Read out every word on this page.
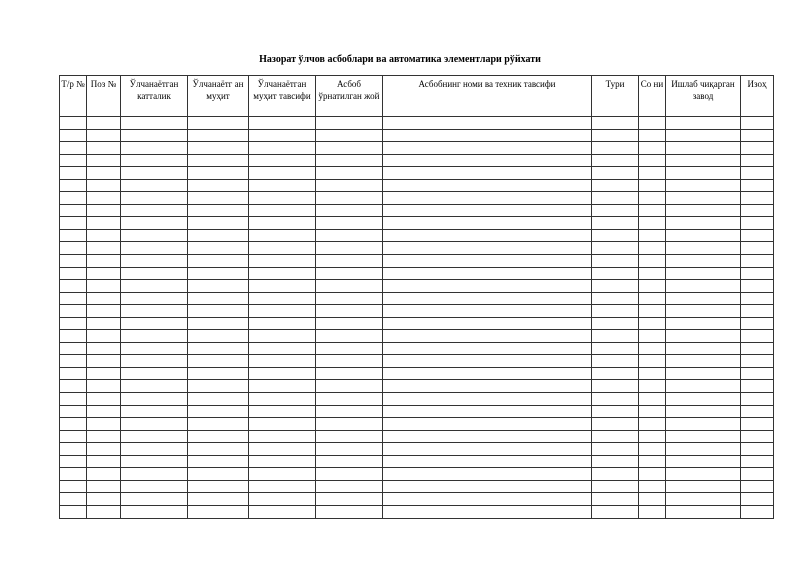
Назорат ўлчов асбоблари ва автоматика элементлари рўйхати
Т/р №	Поз №	Ўлчанаётган катталик	Ўлчанаётг ан муҳит	Ўлчанаётган муҳит тавсифи	Асбоб ўрнатилган жой	Асбобнинг номи ва техник тавсифи	Тури	Со ни	Ишлаб чиқарган завод	Изоҳ
